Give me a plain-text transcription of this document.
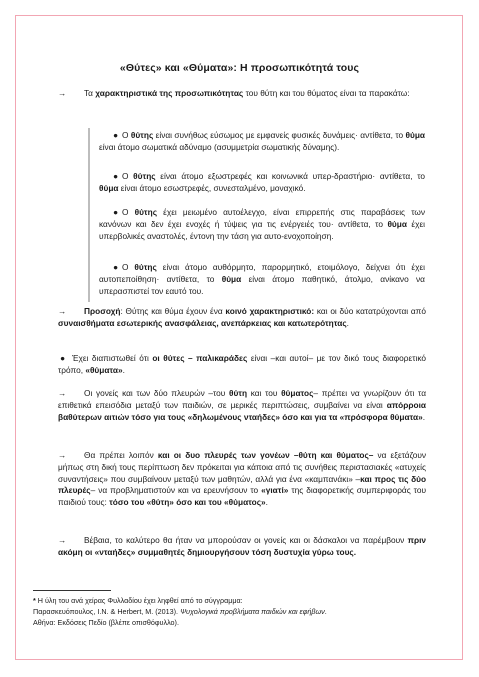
«Θύτες» και «Θύματα»: Η προσωπικότητά τους
→ Τα χαρακτηριστικά της προσωπικότητας του θύτη και του θύματος είναι τα παρακάτω:
● Ο θύτης είναι συνήθως εύσωμος με εμφανείς φυσικές δυνάμεις· αντίθετα, το θύμα είναι άτομο σωματικά αδύναμο (ασυμμετρία σωματικής δύναμης).
● Ο θύτης είναι άτομο εξωστρεφές και κοινωνικά υπερ-δραστήριο· αντίθετα, το θύμα είναι άτομο εσωστρεφές, συνεσταλμένο, μοναχικό.
● Ο θύτης έχει μειωμένο αυτοέλεγχο, είναι επιρρεπής στις παραβάσεις των κανόνων και δεν έχει ενοχές ή τύψεις για τις ενέργειές του· αντίθετα, το θύμα έχει υπερβολικές αναστολές, έντονη την τάση για αυτο-ενοχοποίηση.
● Ο θύτης είναι άτομο αυθόρμητο, παρορμητικό, ετοιμόλογο, δείχνει ότι έχει αυτοπεποίθηση· αντίθετα, το θύμα είναι άτομο παθητικό, άτολμο, ανίκανο να υπερασπιστεί τον εαυτό του.
→ Προσοχή: Θύτης και θύμα έχουν ένα κοινό χαρακτηριστικό: και οι δύο κατατρύχονται από συναισθήματα εσωτερικής ανασφάλειας, ανεπάρκειας και κατωτερότητας.
● Έχει διαπιστωθεί ότι οι θύτες – παλικαράδες είναι –και αυτοί– με τον δικό τους διαφορετικό τρόπο, «θύματα».
→ Οι γονείς και των δύο πλευρών –του θύτη και του θύματος– πρέπει να γνωρίζουν ότι τα επιθετικά επεισόδια μεταξύ των παιδιών, σε μερικές περιπτώσεις, συμβαίνει να είναι απόρροια βαθύτερων αιτιών τόσο για τους «δηλωμένους νταήδες» όσο και για τα «πρόσφορα θύματα».
→ Θα πρέπει λοιπόν και οι δυο πλευρές των γονέων –θύτη και θύματος– να εξετάζουν μήπως στη δική τους περίπτωση δεν πρόκειται για κάποια από τις συνήθεις περιστασιακές «ατυχείς συναντήσεις» που συμβαίνουν μεταξύ των μαθητών, αλλά για ένα «καμπανάκι» –και προς τις δύο πλευρές– να προβληματιστούν και να ερευνήσουν το «γιατί» της διαφορετικής συμπεριφοράς του παιδιού τους: τόσο του «θύτη» όσο και του «θύματος».
→ Βέβαια, το καλύτερο θα ήταν να μπορούσαν οι γονείς και οι δάσκαλοι να παρέμβουν πριν ακόμη οι «νταήδες» συμμαθητές δημιουργήσουν τόση δυστυχία γύρω τους.
* Η ύλη του ανά χείρας Φυλλαδίου έχει ληφθεί από το σύγγραμμα:
Παρασκευόπουλος, Ι.Ν. & Herbert, M. (2013). Ψυχολογικά προβλήματα παιδιών και εφήβων.
Αθήνα: Εκδόσεις Πεδίο (βλέπε οπισθόφυλλο).
